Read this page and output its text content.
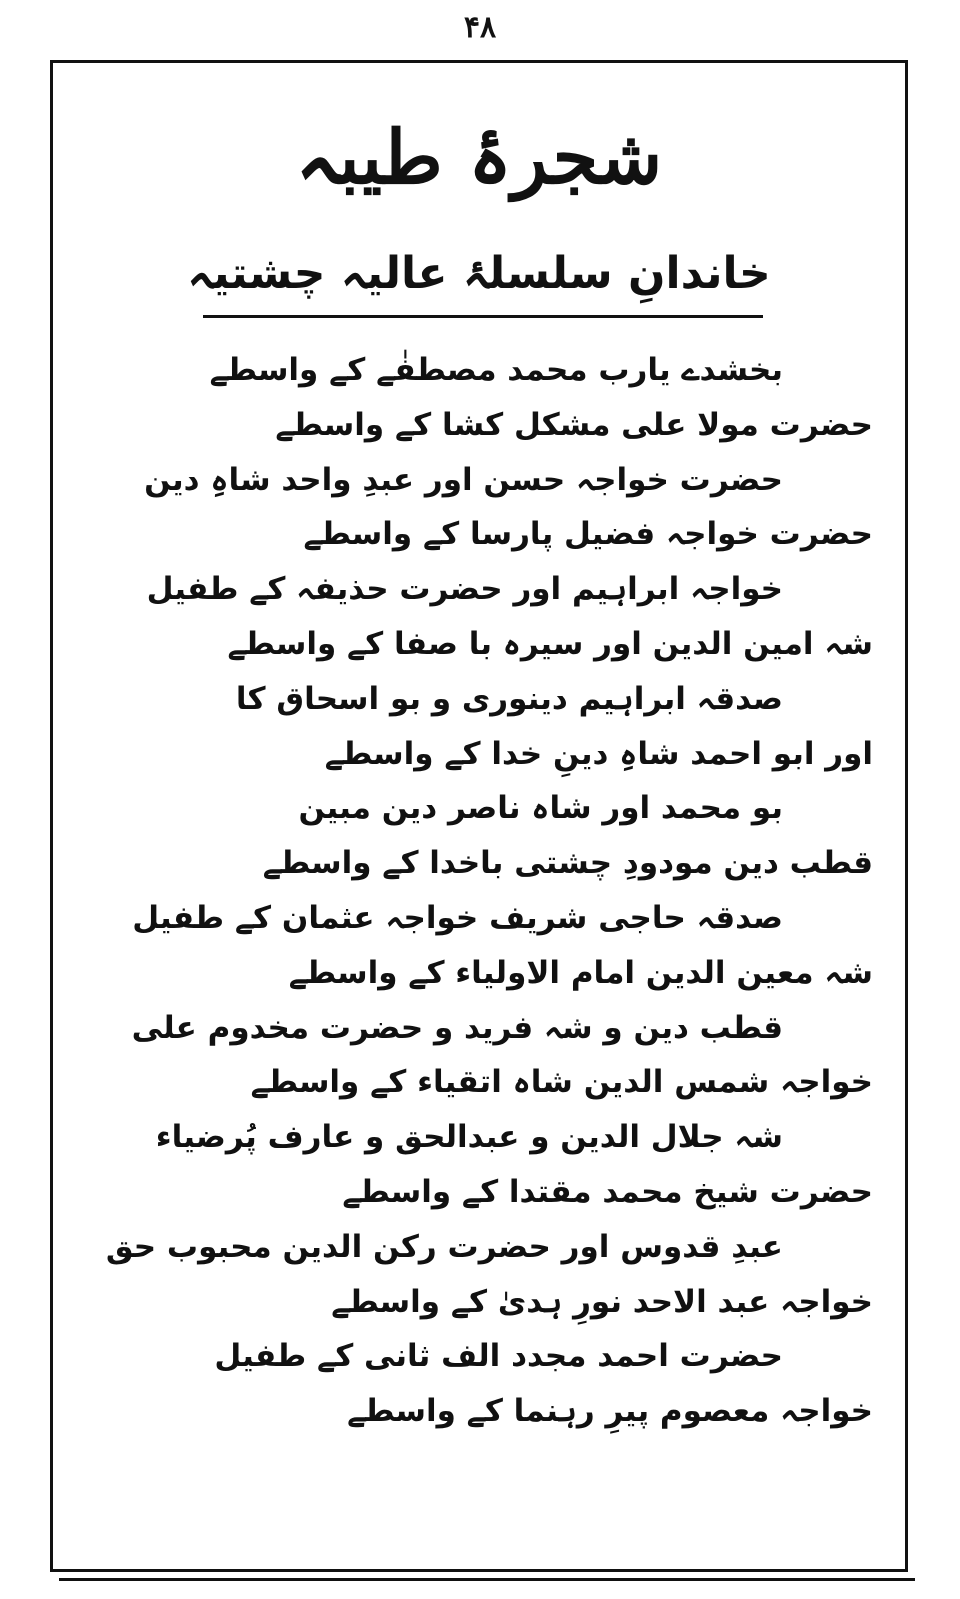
۴۸
شجرۂ طیبہ
خاندانِ سلسلۂ عالیہ چشتیہ
بخشدے یارب محمد مصطفٰے کے واسطے
حضرت مولا علی مشکل کشا کے واسطے
حضرت خواجہ حسن اور عبدِ واحد شاہِ دین
حضرت خواجہ فضیل پارسا کے واسطے
خواجہ ابراہیم اور حضرت حذیفہ کے طفیل
شہ امین الدین اور سیرہ با صفا کے واسطے
صدقہ ابراہیم دینوری و بو اسحاق کا
اور ابو احمد شاہِ دینِ خدا کے واسطے
بو محمد اور شاہ ناصر دین مبین
قطب دین مودودِ چشتی باخدا کے واسطے
صدقہ حاجی شریف خواجہ عثمان کے طفیل
شہ معین الدین امام الاولیاء کے واسطے
قطب دین و شہ فرید و حضرت مخدوم علی
خواجہ شمس الدین شاہ اتقیاء کے واسطے
شہ جلال الدین و عبدالحق و عارف پُرضیاء
حضرت شیخ محمد مقتدا کے واسطے
عبدِ قدوس اور حضرت رکن الدین محبوب حق
خواجہ عبد الاحد نورِ ہدیٰ کے واسطے
حضرت احمد مجدد الف ثانی کے طفیل
خواجہ معصوم پیرِ رہنما کے واسطے
